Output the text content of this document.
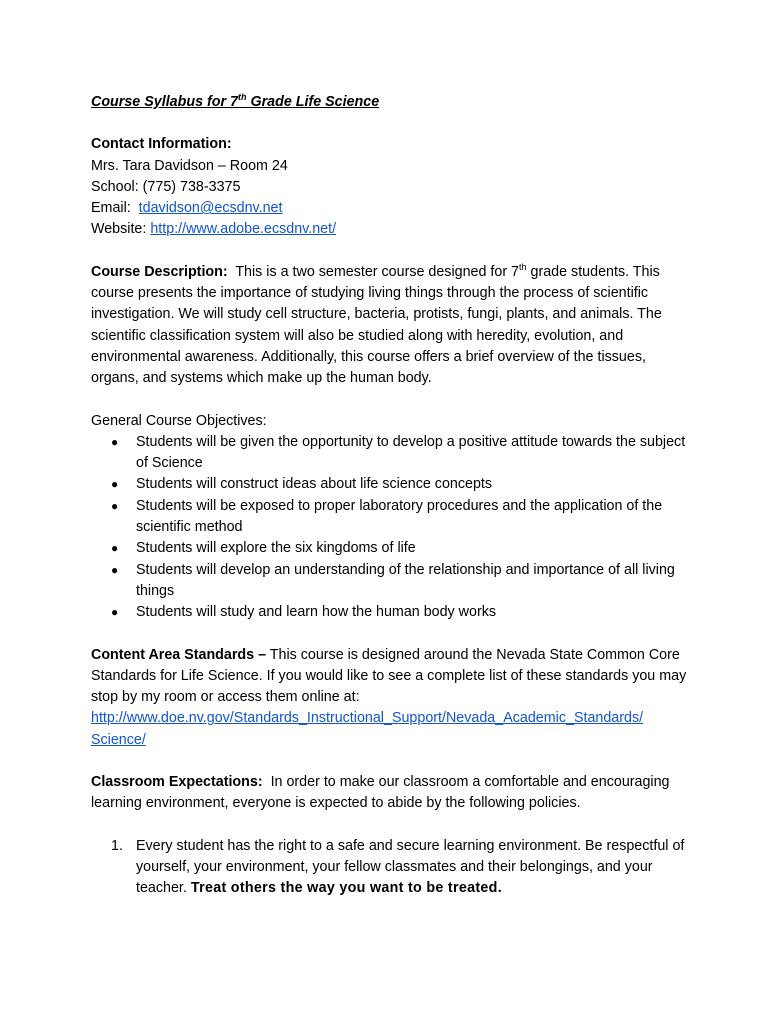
Course Syllabus for 7th Grade Life Science

Contact Information:

Mrs. Tara Davidson – Room 24

School: (775) 738-3375

Email:  tdavidson@ecsdnv.net

Website: http://www.adobe.ecsdnv.net/

Course Description:  This is a two semester course designed for 7th grade students. This course presents the importance of studying living things through the process of scientific investigation. We will study cell structure, bacteria, protists, fungi, plants, and animals. The scientific classification system will also be studied along with heredity, evolution, and environmental awareness. Additionally, this course offers a brief overview of the tissues, organs, and systems which make up the human body.

General Course Objectives:

● Students will be given the opportunity to develop a positive attitude towards the subject of Science
● Students will construct ideas about life science concepts
● Students will be exposed to proper laboratory procedures and the application of the scientific method
● Students will explore the six kingdoms of life
● Students will develop an understanding of the relationship and importance of all living things
● Students will study and learn how the human body works

Content Area Standards – This course is designed around the Nevada State Common Core Standards for Life Science. If you would like to see a complete list of these standards you may stop by my room or access them online at:

http://www.doe.nv.gov/Standards_Instructional_Support/Nevada_Academic_Standards/
Science/

Classroom Expectations:  In order to make our classroom a comfortable and encouraging learning environment, everyone is expected to abide by the following policies.

1. Every student has the right to a safe and secure learning environment. Be respectful of yourself, your environment, your fellow classmates and their belongings, and your teacher. Treat others the way you want to be treated.
